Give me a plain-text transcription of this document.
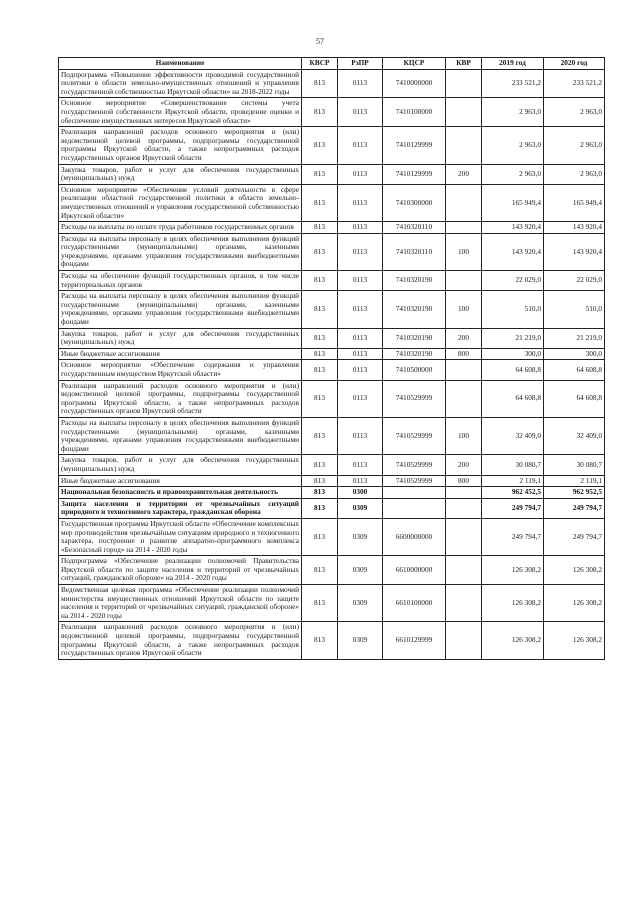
57
Наименование	КВСР	РзПР	КЦСР	КВР	2019 год	2020 год
Подпрограмма «Повышение эффективности проводимой государственной политики в области земельно-имущественных отношений и управления государственной собственностью Иркутской области» на 2018-2022 годы	813	0113	7410000000		233 521,2	233 521,2
Основное мероприятие «Совершенствование системы учета государственной собственности Иркутской области, проведение оценки и обеспечение имущественных интересов Иркутской области»	813	0113	7410100000		2 963,0	2 963,0
Реализация направлений расходов основного мероприятия и (или) ведомственной целевой программы, подпрограммы государственной программы Иркутской области, а также непрограммных расходов государственных органов Иркутской области	813	0113	7410129999		2 963,0	2 963,0
Закупка товаров, работ и услуг для обеспечения государственных (муниципальных) нужд	813	0113	7410129999	200	2 963,0	2 963,0
Основное мероприятие «Обеспечение условий деятельности в сфере реализации областной государственной политики в области земельно-имущественных отношений и управления государственной собственностью Иркутской области»	813	0113	7410300000		165 949,4	165 949,4
Расходы на выплаты по оплате труда работников государственных органов	813	0113	7410320110		143 920,4	143 920,4
Расходы на выплаты персоналу в целях обеспечения выполнения функций государственными (муниципальными) органами, казенными учреждениями, органами управления государственными внебюджетными фондами	813	0113	7410320110	100	143 920,4	143 920,4
Расходы на обеспечение функций государственных органов, в том числе территориальных органов	813	0113	7410320190		22 029,0	22 029,0
Расходы на выплаты персоналу в целях обеспечения выполнения функций государственными (муниципальными) органами, казенными учреждениями, органами управления государственными внебюджетными фондами	813	0113	7410320190	100	510,0	510,0
Закупка товаров, работ и услуг для обеспечения государственных (муниципальных) нужд	813	0113	7410320190	200	21 219,0	21 219,0
Иные бюджетные ассигнования	813	0113	7410320190	800	300,0	300,0
Основное мероприятие «Обеспечение содержания и управления государственным имуществом Иркутской области»	813	0113	7410500000		64 608,8	64 608,8
Реализация направлений расходов основного мероприятия и (или) ведомственной целевой программы, подпрограммы государственной программы Иркутской области, а также непрограммных расходов государственных органов Иркутской области	813	0113	7410529999		64 608,8	64 608,8
Расходы на выплаты персоналу в целях обеспечения выполнения функций государственными (муниципальными) органами, казенными учреждениями, органами управления государственными внебюджетными фондами	813	0113	7410529999	100	32 409,0	32 409,0
Закупка товаров, работ и услуг для обеспечения государственных (муниципальных) нужд	813	0113	7410529999	200	30 080,7	30 080,7
Иные бюджетные ассигнования	813	0113	7410529999	800	2 119,1	2 119,1
Национальная безопасность и правоохранительная деятельность	813	0300			962 452,5	962 952,5
Защита населения и территории от чрезвычайных ситуаций природного и техногенного характера, гражданская оборона	813	0309			249 794,7	249 794,7
Государственная программа Иркутской области «Обеспечение комплексных мер противодействия чрезвычайным ситуациям природного и техногенного характера, построение и развитие аппаратно-программного комплекса «Безопасный город» на 2014 - 2020 годы	813	0309	6600000000		249 794,7	249 794,7
Подпрограмма «Обеспечение реализации полномочий Правительства Иркутской области по защите населения и территорий от чрезвычайных ситуаций, гражданской обороне» на 2014 - 2020 годы	813	0309	6610000000		126 308,2	126 308,2
Ведомственная целевая программа «Обеспечение реализации полномочий министерства имущественных отношений Иркутской области по защите населения и территорий от чрезвычайных ситуаций, гражданской обороне» на 2014 - 2020 годы	813	0309	6610100000		126 308,2	126 308,2
Реализация направлений расходов основного мероприятия и (или) ведомственной целевой программы, подпрограммы государственной программы Иркутской области, а также непрограммных расходов государственных органов Иркутской области	813	0309	6610129999		126 308,2	126 308,2
